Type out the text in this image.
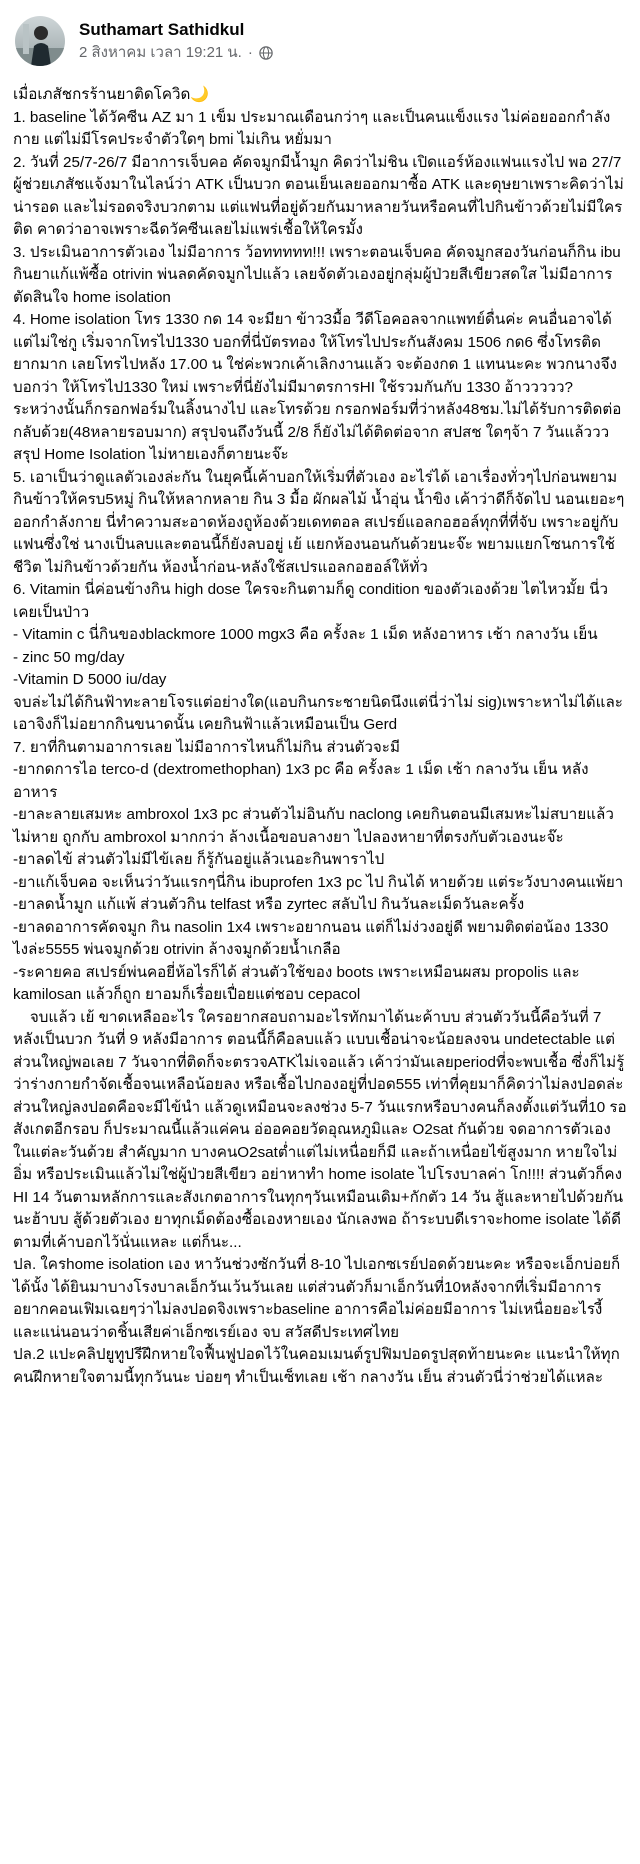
Suthamart Sathidkul
2 สิงหาคม เวลา 19:21 น. ·

เมื่อเภสัชกรร้านยาติดโควิด🌙

1. baseline ได้วัคซีน AZ มา 1 เข็ม ประมาณเดือนกว่าๆ และเป็นคนแข็งแรง ไม่ค่อยออกกำลังกาย แต่ไม่มีโรคประจำตัวใดๆ bmi ไม่เกิน หยั่มมา

2. วันที่ 25/7-26/7 มีอาการเจ็บคอ คัดจมูกมีน้ำมูก คิดว่าไม่ชิน เปิดแอร์ห้องแฟนแรงไป พอ 27/7 ผู้ช่วยเภสัชแจ้งมาในไลน์ว่า ATK เป็นบวก ตอนเย็นเลยออกมาซื้อ ATK และดุษยาเพราะคิดว่าไม่น่ารอด และไม่รอดจริงบวกตาม แต่แฟนที่อยู่ด้วยกันมาหลายวันหรือคนที่ไปกินข้าวด้วยไม่มีใครติด คาดว่าอาจเพราะฉีดวัคซีนเลยไม่แพร่เชื้อให้ใครมั้ง

3. ประเมินอาการตัวเอง ไม่มีอาการ ว้อททททท!!! เพราะตอนเจ็บคอ คัดจมูกสองวันก่อนก็กิน ibu กินยาแก้แพ้ซื้อ otrivin พ่นลดคัดจมูกไปแล้ว เลยจัดตัวเองอยู่กลุ่มผู้ป่วยสีเขียวสดใส ไม่มีอาการ ตัดสินใจ home isolation

4. Home isolation โทร 1330 กด 14 จะมียา ข้าว3มื้อ วีดีโอคอลจากแพทย์ดื่นค่ะ คนอื่นอาจได้แต่ไม่ใช่กู เริ่มจากโทรไป1330 บอกที่นี่บัตรทอง ให้โทรไปประกันสังคม 1506 กด6 ซึ่งโทรติดยากมาก เลยโทรไปหลัง 17.00 น ใช่ค่ะพวกเค้าเลิกงานแล้ว จะต้องกด 1 แทนนะคะ พวกนางจึงบอกว่า ให้โทรไป1330 ใหม่ เพราะที่นี่ยังไม่มีมาตรการHI ใช้รวมกันกับ 1330 อ้าววววว? ระหว่างนั้นก็กรอกฟอร์มในลิ้งนางไป และโทรด้วย กรอกฟอร์มที่ว่าหลัง48ชม.ไม่ได้รับการติดต่อกลับด้วย(48หลายรอบมาก) สรุปจนถึงวันนี้ 2/8 ก็ยังไม่ได้ติดต่อจาก สปสช ใดๆจ้า 7 วันแล้ววว สรุป Home Isolation ไม่หายเองก็ตายนะจ๊ะ

5. เอาเป็นว่าดูแลตัวเองล่ะกัน ในยุคนี้เค้าบอกให้เริ่มที่ตัวเอง อะไร่ได้ เอาเรื่องทั่วๆไปก่อนพยามกินข้าวให้ครบ5หมู่ กินให้หลากหลาย กิน 3 มื้อ ผักผลไม้ น้ำอุ่น น้ำขิง เค้าว่าดีก็จัดไป นอนเยอะๆ ออกกำลังกาย นี่ทำความสะอาดห้องถูห้องด้วยเดทตอล สเปรย์แอลกอฮอล์ทุกที่ที่จับ เพราะอยู่กับแฟนซึ่งใช่ นางเป็นลบและตอนนี้ก็ยังลบอยู่ เย้ แยกห้องนอนกันด้วยนะจ๊ะ พยามแยกโซนการใช้ชีวิต ไม่กินข้าวด้วยกัน ห้องน้ำก่อน-หลังใช้สเปรแอลกอฮอล์ให้ทั่ว

6. Vitamin นี่ค่อนข้างกิน high dose ใครจะกินตามก็ดู condition ของตัวเองด้วย ไตไหวมั้ย นี่วเคยเป็นป่าว
- Vitamin c นี่กินของblackmore 1000 mgx3 คือ ครั้งละ 1 เม็ด หลังอาหาร เช้า กลางวัน เย็น
- zinc 50 mg/day
-Vitamin D 5000 iu/day
จบล่ะไม่ได้กินฟ้าทะลายโจรแต่อย่างใด(แอบกินกระชายนิดนึงแต่นี่ว่าไม่ sig)เพราะหาไม่ได้และเอาจิงก็ไม่อยากกินขนาดนั้น เคยกินฟ้าแล้วเหมือนเป็น Gerd

7. ยาที่กินตามอาการเลย ไม่มีอาการไหนก็ไม่กิน ส่วนตัวจะมี
-ยากดการไอ terco-d (dextromethophan) 1x3 pc คือ ครั้งละ 1 เม็ด เช้า กลางวัน เย็น หลังอาหาร
-ยาละลายเสมหะ ambroxol 1x3 pc ส่วนตัวไม่อินกับ naclong เคยกินตอนมีเสมหะไม่สบายแล้วไม่หาย ถูกกับ ambroxol มากกว่า ล้างเนื้อขอบลางยา ไปลองหายาที่ตรงกับตัวเองนะจ๊ะ
-ยาลดไข้ ส่วนตัวไม่มีไข้เลย ก็รู้กันอยู่แล้วเนอะกินพาราไป
-ยาแก้เจ็บคอ จะเห็นว่าวันแรกๆนี่กิน ibuprofen 1x3 pc ไป กินได้ หายด้วย แต่ระวังบางคนแพ้ยา
-ยาลดน้ำมูก แก้แพ้ ส่วนตัวกิน telfast หรือ zyrtec สลับไป กินวันละเม็ดวันละครั้ง
-ยาลดอาการคัดจมูก กิน nasolin 1x4 เพราะอยากนอน แต่ก็ไม่ง่วงอยู่ดี พยามติดต่อน้อง 1330 ไงล่ะ5555 พ่นจมูกด้วย otrivin ล้างจมูกด้วยน้ำเกลือ
-ระคายคอ สเปรย์พ่นคอยี่ห้อไรก็ได้ ส่วนตัวใช้ของ boots เพราะเหมือนผสม propolis และ kamilosan แล้วก็ถูก ยาอมก็เรื่อยเปื่อยแต่ชอบ cepacol

จบแล้ว เย้ ขาดเหลืออะไร ใครอยากสอบถามอะไรทักมาได้นะค้าบบ ส่วนตัววันนี้คือวันที่ 7 หลังเป็นบวก วันที่ 9 หลังมีอาการ ตอนนี้ก็คือลบแล้ว แบบเชื้อน่าจะน้อยลงจน undetectable แต่ส่วนใหญ่พอเลย 7 วันจากที่ติดก็จะตรวจATKไม่เจอแล้ว เค้าว่ามันเลยperiodที่จะพบเชื้อ ซึ่งก็ไม่รู้ว่าร่างกายกำจัดเชื้อจนเหลือน้อยลง หรือเชื้อไปกองอยู่ที่ปอด555 เท่าที่คุยมาก็คิดว่าไม่ลงปอดล่ะ ส่วนใหญ่ลงปอดคือจะมีไข้นำ แล้วดูเหมือนจะลงช่วง 5-7 วันแรกหรือบางคนก็ลงตั้งแต่วันที่10 รอสังเกตอีกรอบ ก็ประมาณนี้แล้วแค่คน อ่ออคอยวัดอุณหภูมิและ O2sat กันด้วย จดอาการตัวเองในแต่ละวันด้วย สำคัญมาก บางคนO2satต่ำแต่ไม่เหนื่อยก็มี และถ้าเหนื่อยไข้สูงมาก หายใจไม่อิ่ม หรือประเมินแล้วไม่ใช่ผู้ป่วยสีเขียว อย่าหาทำ home isolate ไปโรงบาลค่า โก!!!! ส่วนตัวก็คง HI 14 วันตามหลักการและสังเกตอาการในทุกๆวันเหมือนเดิม+กักตัว 14 วัน สู้และหายไปด้วยกันนะฮ้าบบ สู้ด้วยตัวเอง ยาทุกเม็ดต้องซื้อเองหายเอง นักเลงพอ ถ้าระบบดีเราจะhome isolate ได้ดีตามที่เค้าบอกไว้นั่นแหละ แต่ก็นะ...

ปล. ใครhome isolation เอง หาวันช่วงซักวันที่ 8-10 ไปเอกซเรย์ปอดด้วยนะคะ หรือจะเอ็กบ่อยก็ได้นั้ง ได้ยินมาบางโรงบาลเอ็กวันเว้นวันเลย แต่ส่วนตัวก็มาเอ็กวันที่10หลังจากที่เริ่มมีอาการ อยากคอนเฟิมเฉยๆว่าไม่ลงปอดจิงเพราะbaseline อาการคือไม่ค่อยมีอาการ ไม่เหนื่อยอะไรงี้ และแน่นอนว่าดชิ้นเสียค่าเอ็กซเรย์เอง จบ สวัสดีประเทศไทย

ปล.2 แปะคลิปยูทูปรีฝึกหายใจฟื้นฟูปอดไว้ในคอมเมนต์รูปฟิมปอดรูปสุดท้ายนะคะ แนะนำให้ทุกคนฝึกหายใจตามนี้ทุกวันนะ บ่อยๆ ทำเป็นเซ็ทเลย เช้า กลางวัน เย็น ส่วนตัวนี่ว่าช่วยได้แหละ
